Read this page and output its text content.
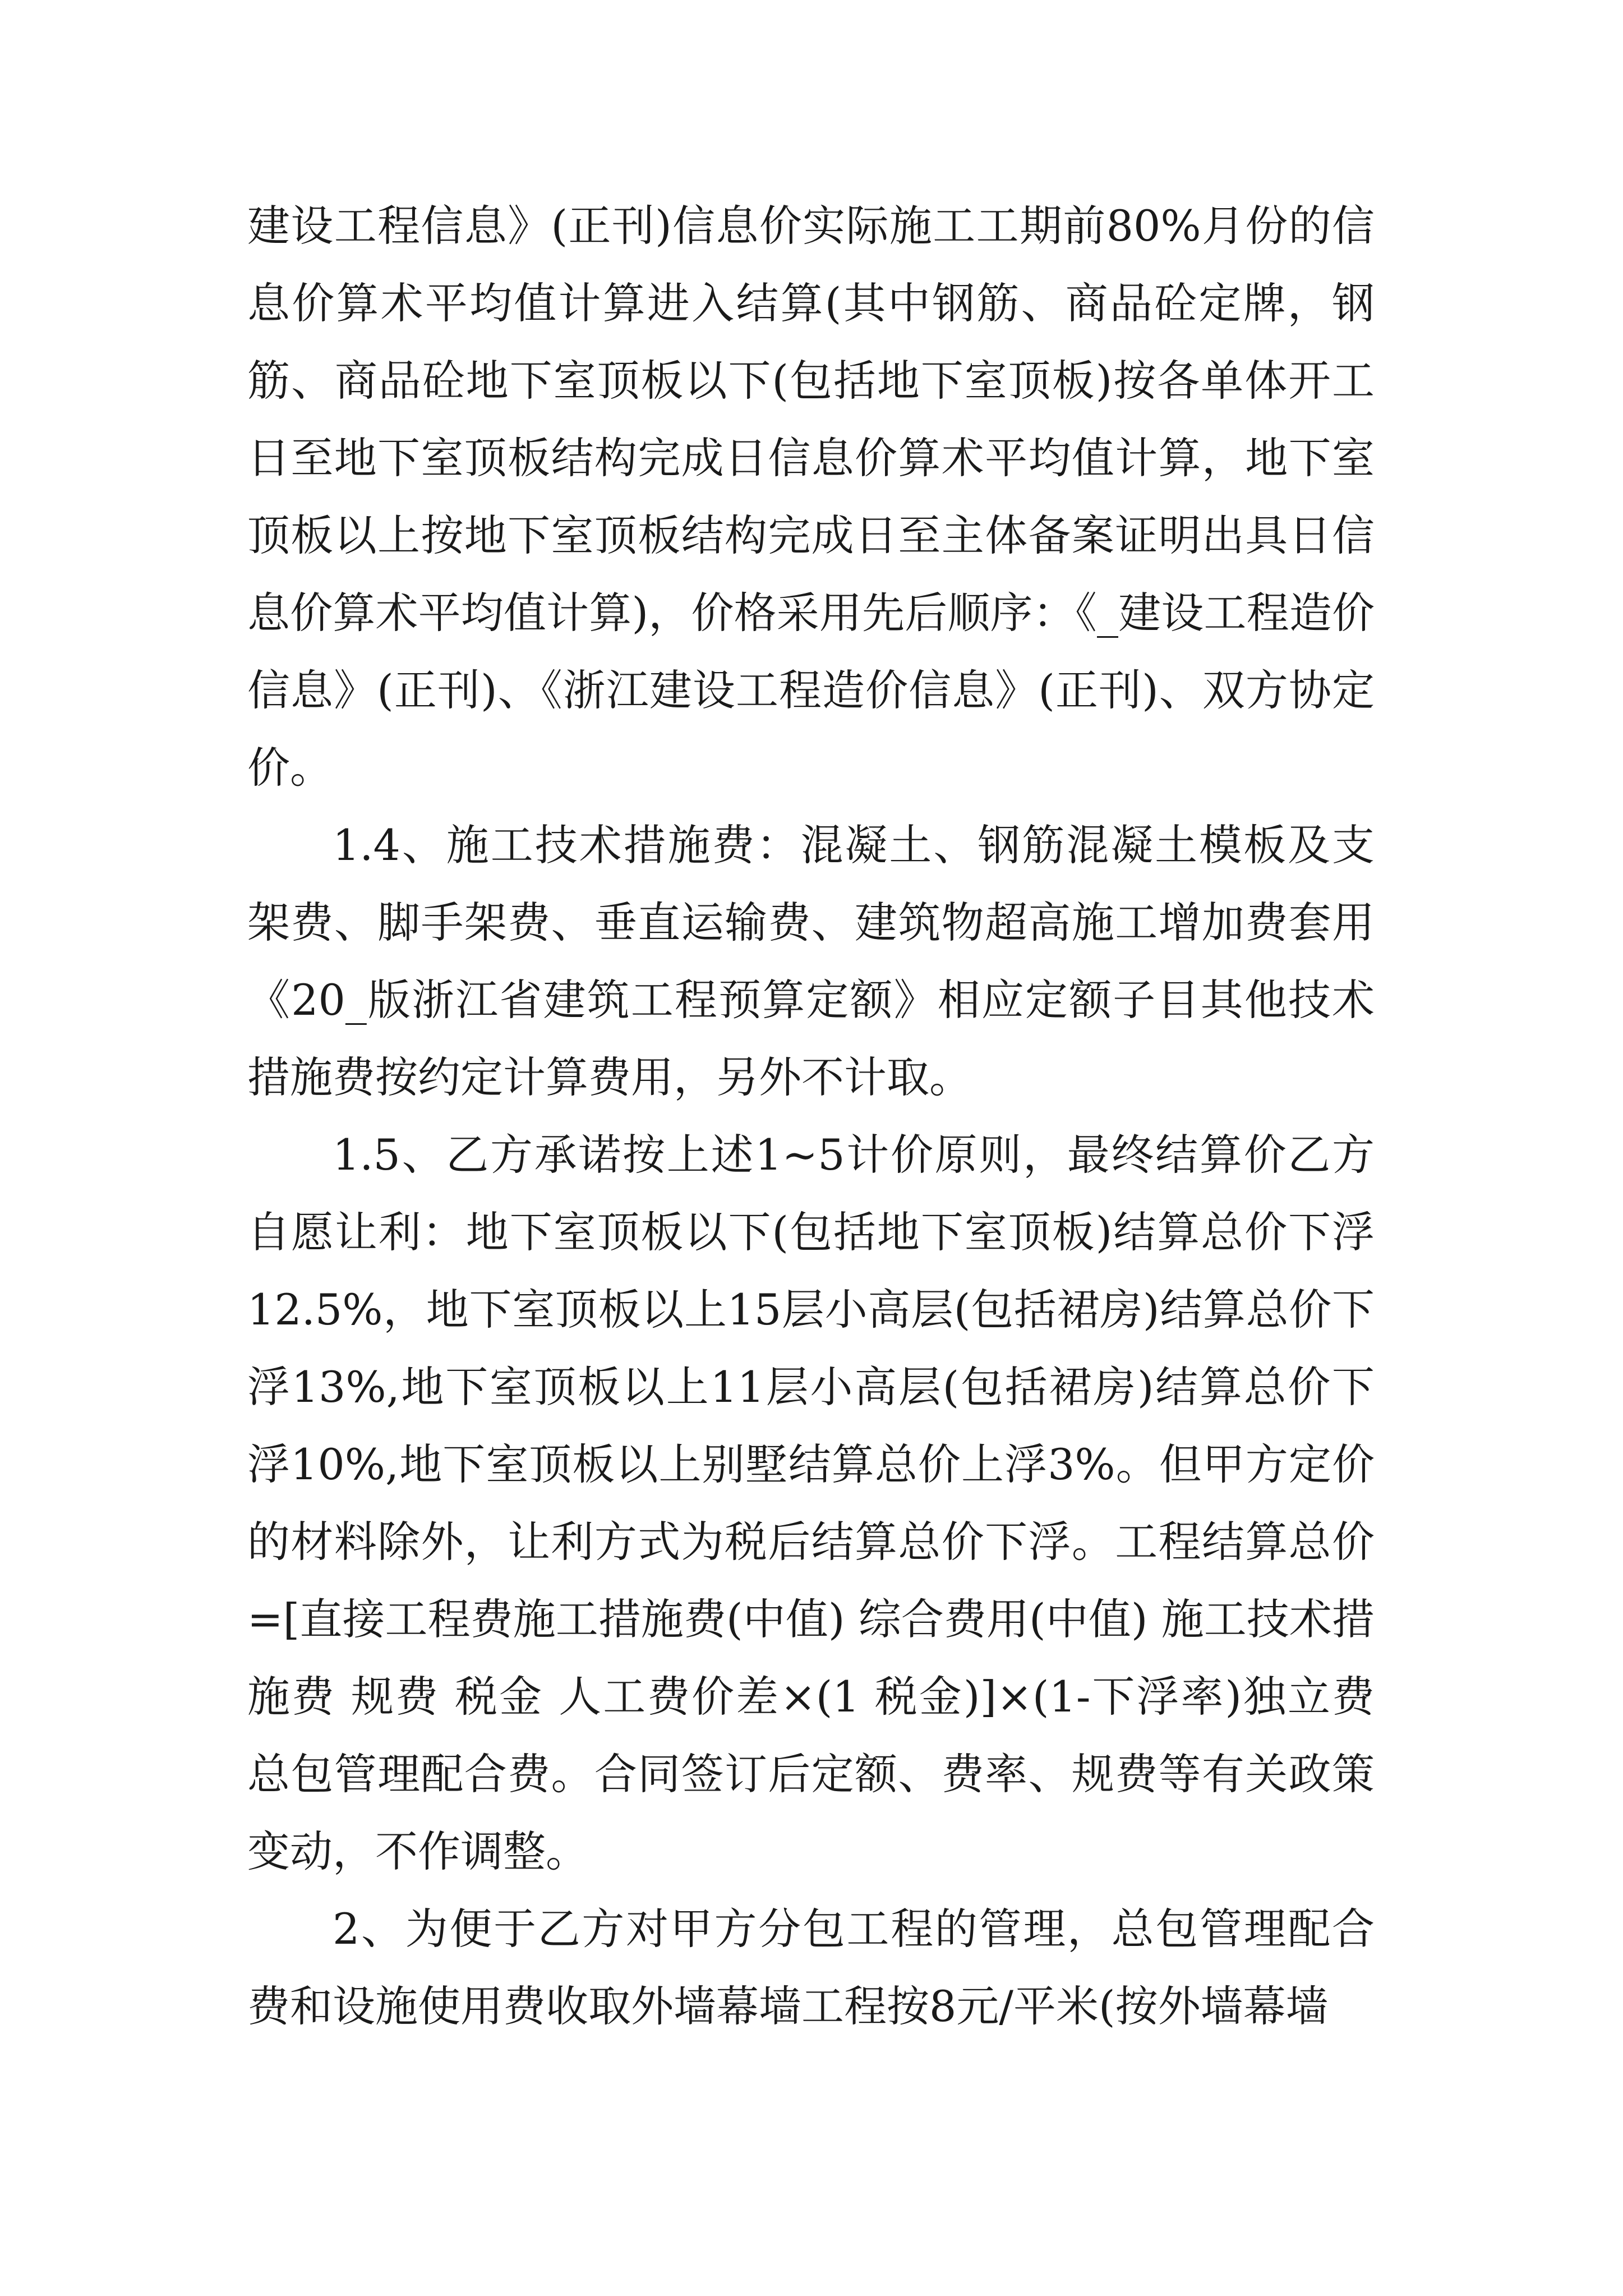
建设工程信息》(正刊)信息价实际施工工期前80%月份的信息价算术平均值计算进入结算(其中钢筋、商品砼定牌，钢筋、商品砼地下室顶板以下(包括地下室顶板)按各单体开工日至地下室顶板结构完成日信息价算术平均值计算，地下室顶板以上按地下室顶板结构完成日至主体备案证明出具日信息价算术平均值计算)，价格采用先后顺序：《_建设工程造价信息》(正刊)、《浙江建设工程造价信息》(正刊)、双方协定价。

1.4、施工技术措施费：混凝土、钢筋混凝土模板及支架费、脚手架费、垂直运输费、建筑物超高施工增加费套用《20_版浙江省建筑工程预算定额》相应定额子目其他技术措施费按约定计算费用，另外不计取。

1.5、乙方承诺按上述1~5计价原则，最终结算价乙方自愿让利：地下室顶板以下(包括地下室顶板)结算总价下浮12.5%，地下室顶板以上15层小高层(包括裙房)结算总价下浮13%,地下室顶板以上11层小高层(包括裙房)结算总价下浮10%,地下室顶板以上别墅结算总价上浮3%。但甲方定价的材料除外，让利方式为税后结算总价下浮。工程结算总价=[直接工程费施工措施费(中值) 综合费用(中值) 施工技术措施费 规费 税金 人工费价差×(1 税金)]×(1-下浮率)独立费总包管理配合费。合同签订后定额、费率、规费等有关政策变动，不作调整。

2、为便于乙方对甲方分包工程的管理，总包管理配合费和设施使用费收取外墙幕墙工程按8元/平米(按外墙幕墙
